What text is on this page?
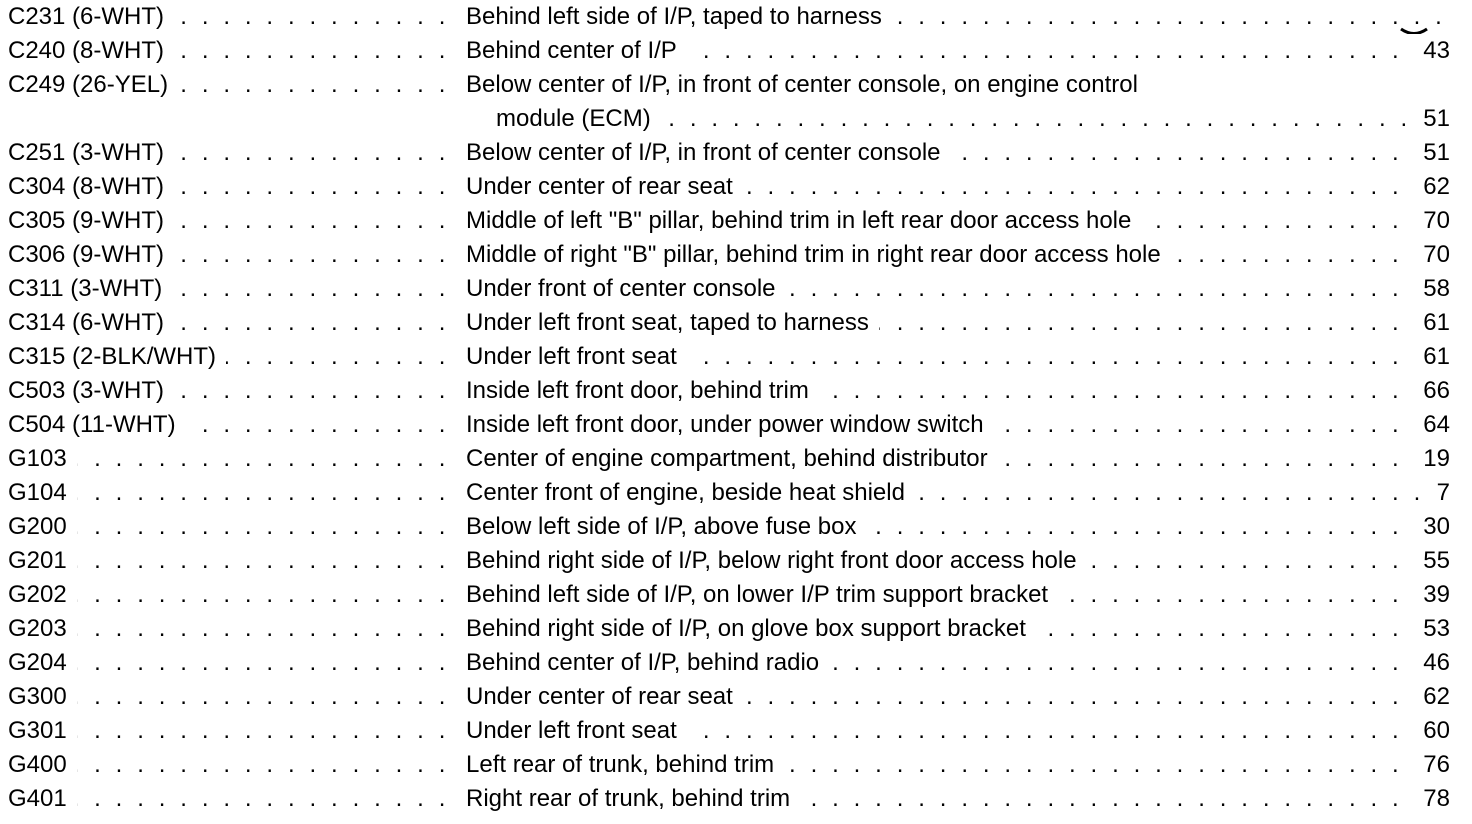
. . .
C231 (6-WHT) . . .	Behind left side of I/P, taped to harness
. . .
C240 (8-WHT) . . .	Behind center of I/P	43
. . .
C249 (26-YEL)	Below center of I/P, in front of center console, on engine control
. . .
module (ECM)	51
. . .
C251 (3-WHT) . . .	Below center of I/P, in front of center console	51
. . .
C304 (8-WHT) . . .	Under center of rear seat	62
. . .
C305 (9-WHT) . . .	Middle of left "B" pillar, behind trim in left rear door access hole	70
. . .
C306 (9-WHT) . . .	Middle of right "B" pillar, behind trim in right rear door access hole	70
. . .
C311 (3-WHT) . . .	Under front of center console	58
. . .
C314 (6-WHT) . . .	Under left front seat, taped to harness	61
. . .
C315 (2-BLK/WHT) . . .	Under left front seat	61
. . .
C503 (3-WHT) . . .	Inside left front door, behind trim	66
. . .
C504 (11-WHT) . . .	Inside left front door, under power window switch	64
. . .
G103 . . .	Center of engine compartment, behind distributor	19
. . .
G104 . . .	Center front of engine, beside heat shield	7
. . .
G200 . . .	Below left side of I/P, above fuse box	30
. . .
G201 . . .	Behind right side of I/P, below right front door access hole	55
. . .
G202 . . .	Behind left side of I/P, on lower I/P trim support bracket	39
. . .
G203 . . .	Behind right side of I/P, on glove box support bracket	53
. . .
G204 . . .	Behind center of I/P, behind radio	46
. . .
G300 . . .	Under center of rear seat	62
. . .
G301 . . .	Under left front seat	60
. . .
G400 . . .	Left rear of trunk, behind trim	76
. . .
G401 . . .	Right rear of trunk, behind trim	78
